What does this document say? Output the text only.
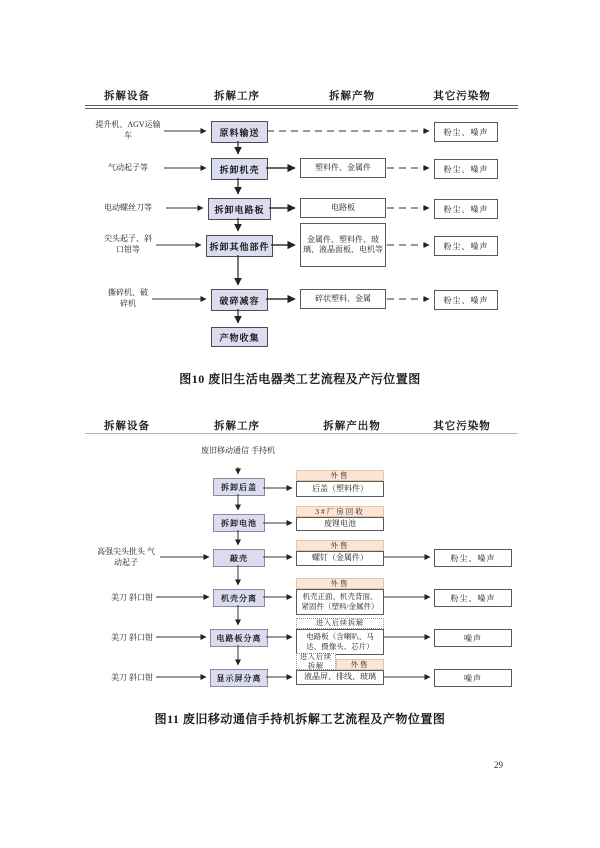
拆解设备	拆解工序	拆解产物	其它污染物
提升机、AGV运输车
气动起子等
电动螺丝刀等
尖头起子、斜口钳等
撕碎机、破碎机
原料输送
拆卸机壳
拆卸电路板
拆卸其他部件
破碎减容
产物收集
塑料件、金属件
电路板
金属件、塑料件、玻璃、液晶面板、电机等
碎状塑料、金属
粉尘、噪声
粉尘、噪声
粉尘、噪声
粉尘、噪声
粉尘、噪声
图10 废旧生活电器类工艺流程及产污位置图
拆解设备	拆解工序	拆解产出物	其它污染物
废旧移动通信 手持机
高强尖头批头 气动起子
美刀 斜口钳
美刀 斜口钳
美刀 斜口钳
拆卸后盖
拆卸电池
敲壳
机壳分离
电路板分离
显示屏分离
外售
后盖（塑料件）
3#厂房回收
废锂电池
外售
螺钉（金属件）
外售
机壳正面、机壳背面、紧固件（塑料/金属件）
进入后续拆解
电路板（含喇叭、马达、摄像头、芯片）
进入后续 拆解	外售
液晶屏、排线、玻璃
粉尘、噪声
粉尘、噪声
噪声
噪声
图11 废旧移动通信手持机拆解工艺流程及产物位置图
29
